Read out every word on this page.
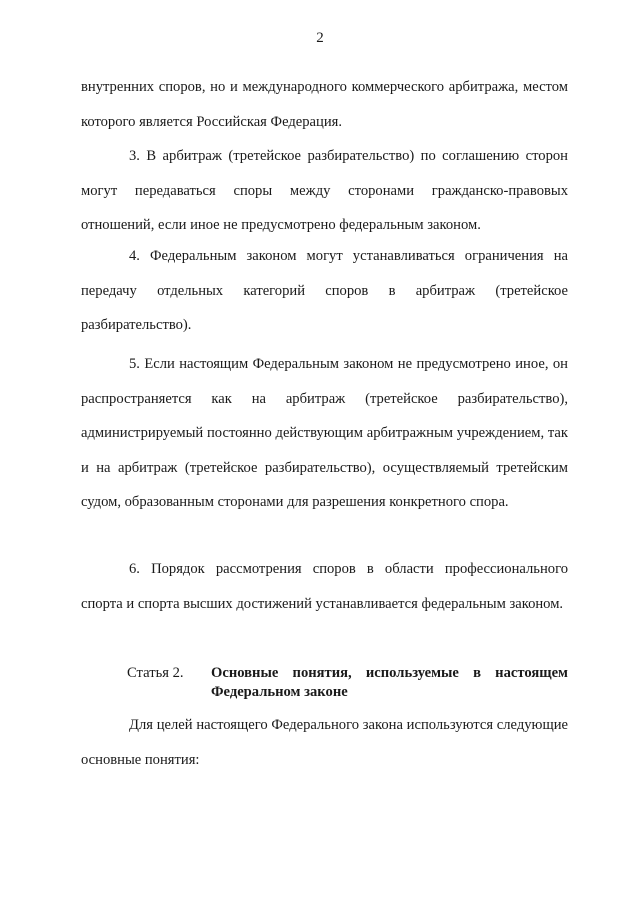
2

внутренних споров, но и международного коммерческого арбитража, местом которого является Российская Федерация.

3. В арбитраж (третейское разбирательство) по соглашению сторон могут передаваться споры между сторонами гражданско-правовых отношений, если иное не предусмотрено федеральным законом.

4. Федеральным законом могут устанавливаться ограничения на передачу отдельных категорий споров в арбитраж (третейское разбирательство).

5. Если настоящим Федеральным законом не предусмотрено иное, он распространяется как на арбитраж (третейское разбирательство), администрируемый постоянно действующим арбитражным учреждением, так и на арбитраж (третейское разбирательство), осуществляемый третейским судом, образованным сторонами для разрешения конкретного спора.

6. Порядок рассмотрения споров в области профессионального спорта и спорта высших достижений устанавливается федеральным законом.

Статья 2. Основные понятия, используемые в настоящем Федеральном законе

Для целей настоящего Федерального закона используются следующие основные понятия:
